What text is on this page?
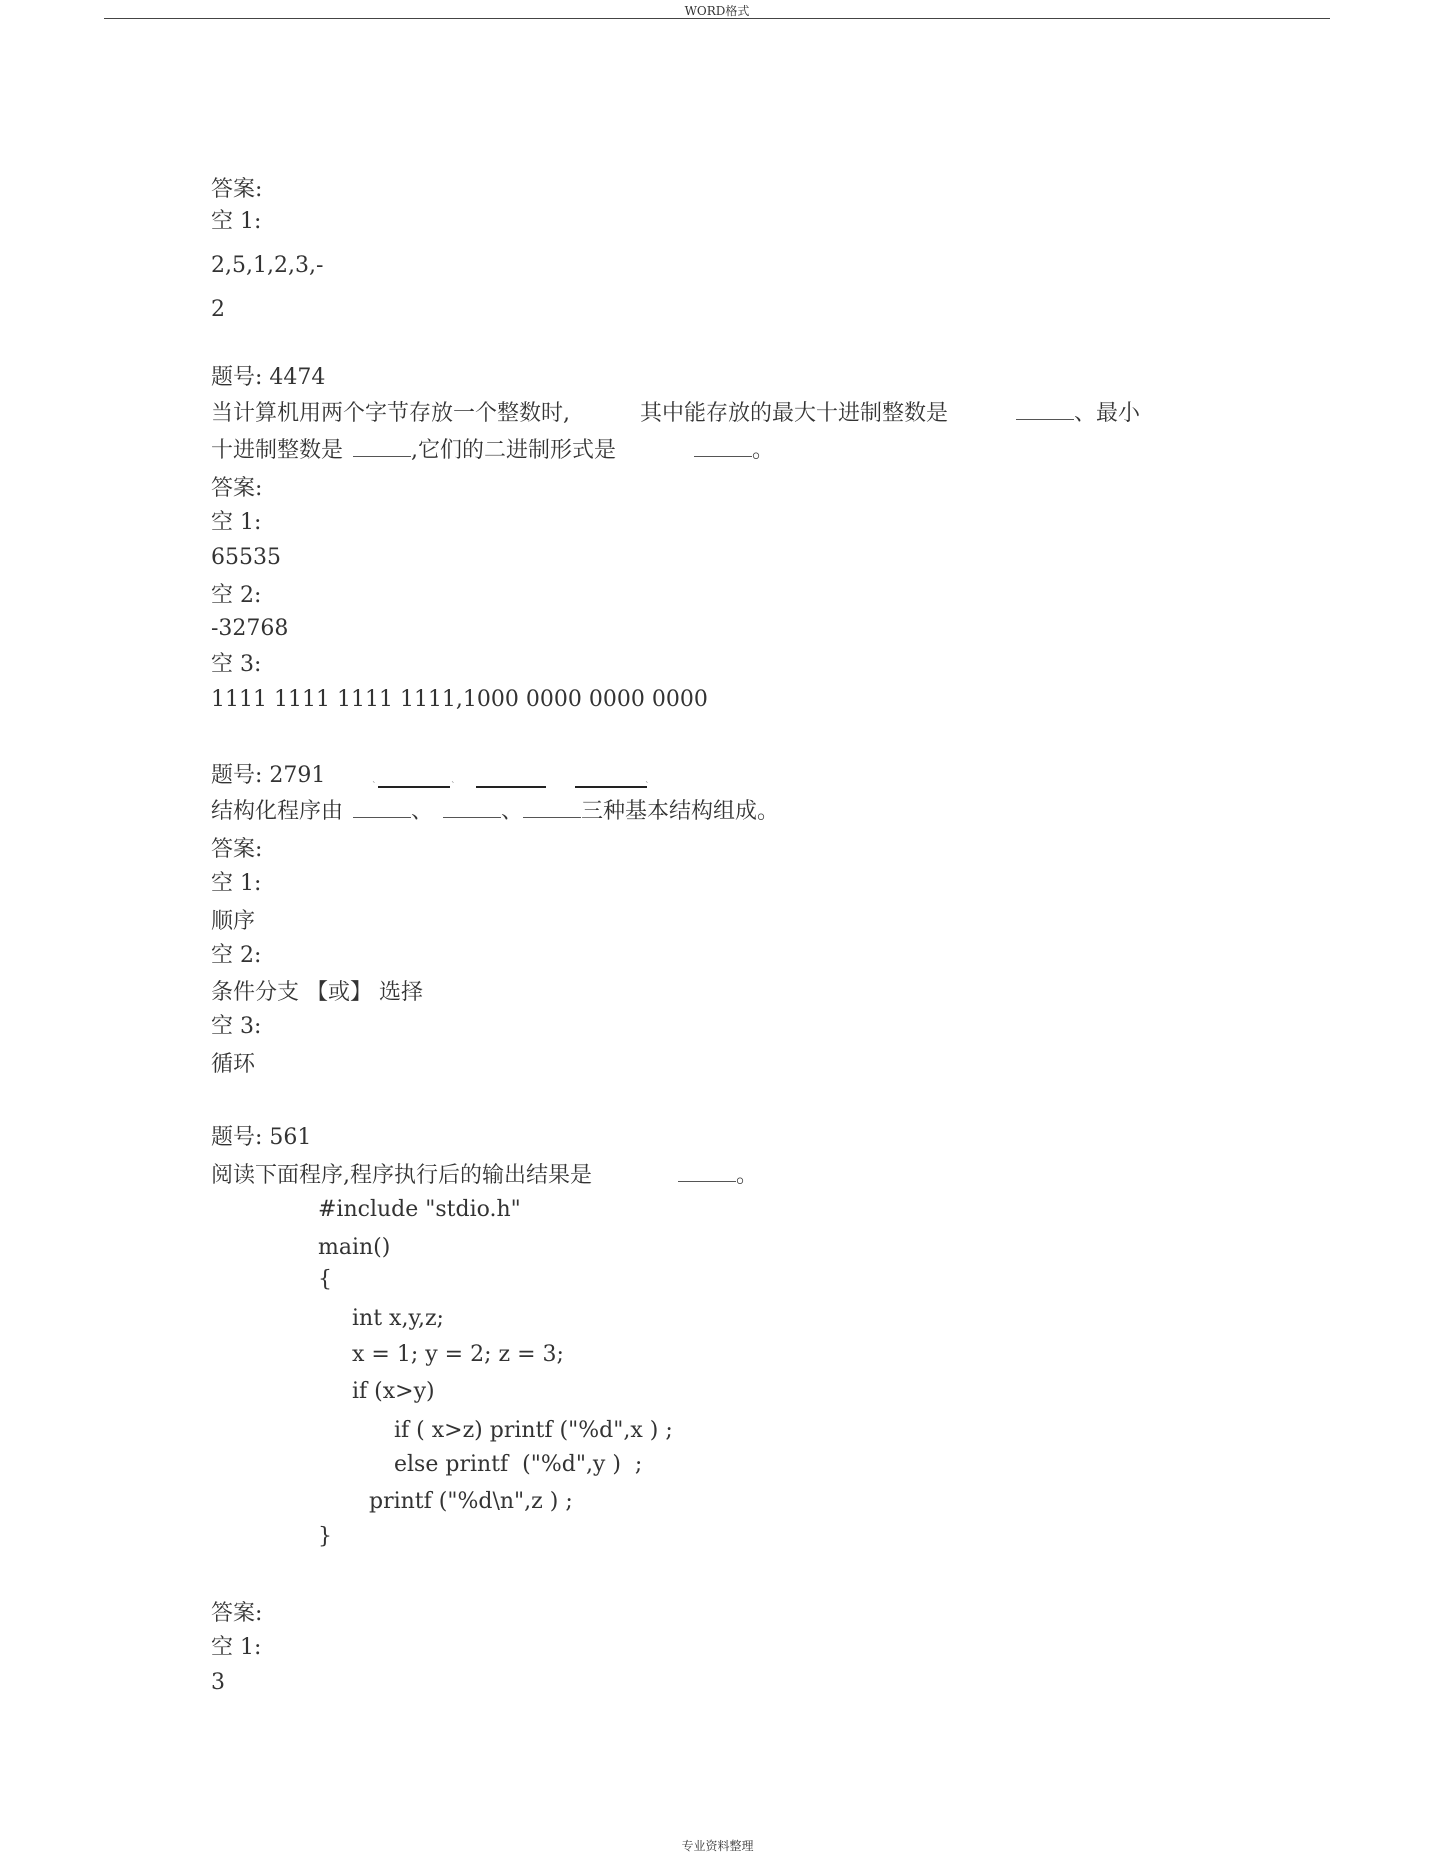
WORD格式
答案:
空 1:
2,5,1,2,3,-
2
题号: 4474
当计算机用两个字节存放一个整数时,	其中能存放的最大十进制整数是	、最小
十进制整数是	,它们的二进制形式是	。
答案:
空 1:
65535
空 2:
-32768
空 3:
1111 1111 1111 1111,1000 0000 0000 0000
题号: 2791	`	`	`
结构化程序由	、	、	三种基本结构组成。
答案:
空 1:
顺序
空 2:
条件分支 【或】 选择
空 3:
循环
题号: 561
阅读下面程序,程序执行后的输出结果是	。
#include "stdio.h"
main()
{
int x,y,z;
x = 1; y = 2; z = 3;
if (x>y)
if ( x>z) printf ("%d",x ) ;
else printf  ("%d",y )  ;
printf ("%d\n",z ) ;
}
答案:
空 1:
3
专业资料整理
